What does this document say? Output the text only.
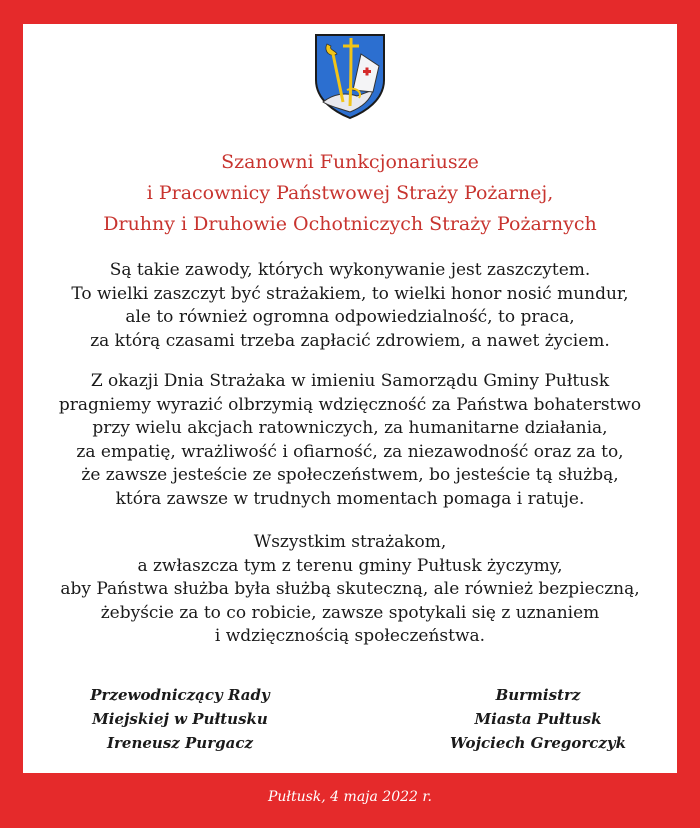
Szanowni Funkcjonariusze
i Pracownicy Państwowej Straży Pożarnej,
Druhny i Druhowie Ochotniczych Straży Pożarnych
Są takie zawody, których wykonywanie jest zaszczytem.
To wielki zaszczyt być strażakiem, to wielki honor nosić mundur,
ale to również ogromna odpowiedzialność, to praca,
za którą czasami trzeba zapłacić zdrowiem, a nawet życiem.
Z okazji Dnia Strażaka w imieniu Samorządu Gminy Pułtusk
pragniemy wyrazić olbrzymią wdzięczność za Państwa bohaterstwo
przy wielu akcjach ratowniczych, za humanitarne działania,
za empatię, wrażliwość i ofiarność, za niezawodność oraz za to,
że zawsze jesteście ze społeczeństwem, bo jesteście tą służbą,
która zawsze w trudnych momentach pomaga i ratuje.
Wszystkim strażakom,
a zwłaszcza tym z terenu gminy Pułtusk życzymy,
aby Państwa służba była służbą skuteczną, ale również bezpieczną,
żebyście za to co robicie, zawsze spotykali się z uznaniem
i wdzięcznością społeczeństwa.
Przewodniczący Rady
Miejskiej w Pułtusku
Ireneusz Purgacz
Burmistrz
Miasta Pułtusk
Wojciech Gregorczyk
Pułtusk, 4 maja 2022 r.
